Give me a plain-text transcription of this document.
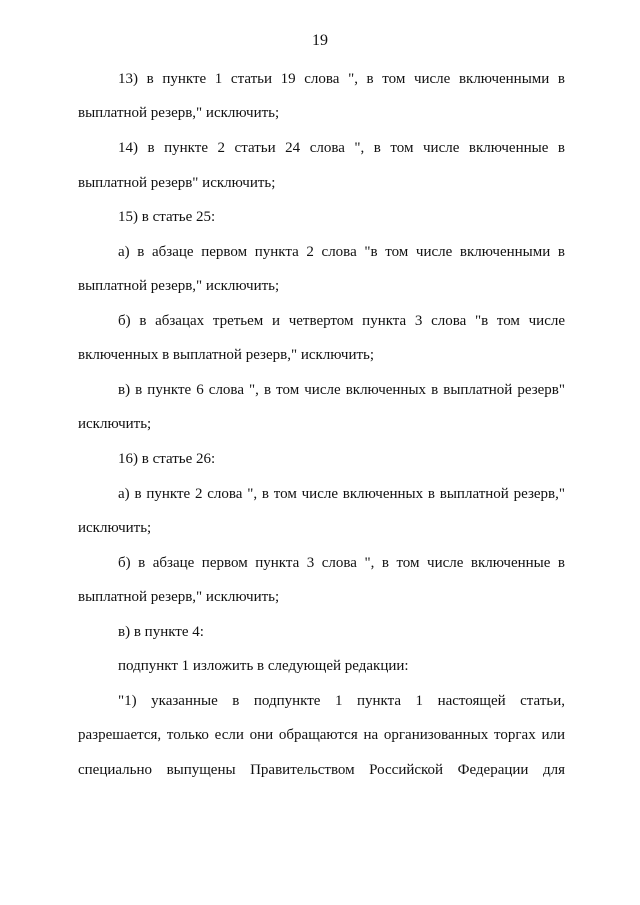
19
13) в пункте 1 статьи 19 слова ", в том числе включенными в
выплатной резерв," исключить;
14) в пункте 2 статьи 24 слова ", в том числе включенные в
выплатной резерв" исключить;
15) в статье 25:
а) в абзаце первом пункта 2 слова "в том числе включенными в
выплатной резерв," исключить;
б) в абзацах третьем и четвертом пункта 3 слова "в том числе
включенных в выплатной резерв," исключить;
в) в пункте 6 слова ", в том числе включенных в выплатной резерв"
исключить;
16) в статье 26:
а) в пункте 2 слова ", в том числе включенных в выплатной резерв,"
исключить;
б) в абзаце первом пункта 3 слова ", в том числе включенные в
выплатной резерв," исключить;
в) в пункте 4:
подпункт 1 изложить в следующей редакции:
"1) указанные в подпункте 1 пункта 1 настоящей статьи,
разрешается, только если они обращаются на организованных торгах или
специально выпущены Правительством Российской Федерации для
